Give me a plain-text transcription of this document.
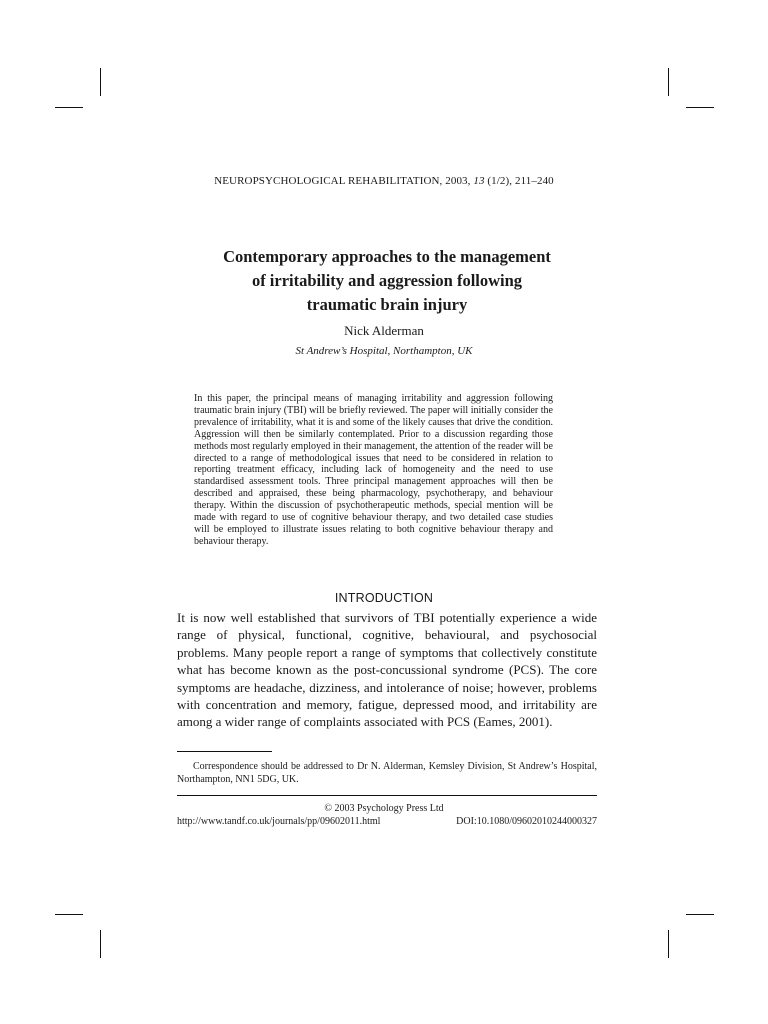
NEUROPSYCHOLOGICAL REHABILITATION, 2003, 13 (1/2), 211–240
Contemporary approaches to the management
of irritability and aggression following
traumatic brain injury
Nick Alderman
St Andrew’s Hospital, Northampton, UK

In this paper, the principal means of managing irritability and aggression following traumatic brain injury (TBI) will be briefly reviewed. The paper will initially consider the prevalence of irritability, what it is and some of the likely causes that drive the condition. Aggression will then be similarly contemplated. Prior to a discussion regarding those methods most regularly employed in their management, the attention of the reader will be directed to a range of methodological issues that need to be considered in relation to reporting treatment efficacy, including lack of homogeneity and the need to use standardised assessment tools. Three principal management approaches will then be described and appraised, these being pharmacology, psychotherapy, and behaviour therapy. Within the discussion of psychotherapeutic methods, special mention will be made with regard to use of cognitive behaviour therapy, and two detailed case studies will be employed to illustrate issues relating to both cognitive behaviour therapy and behaviour therapy.

INTRODUCTION

It is now well established that survivors of TBI potentially experience a wide range of physical, functional, cognitive, behavioural, and psychosocial problems. Many people report a range of symptoms that collectively constitute what has become known as the post-concussional syndrome (PCS). The core symptoms are headache, dizziness, and intolerance of noise; however, problems with concentration and memory, fatigue, depressed mood, and irritability are among a wider range of complaints associated with PCS (Eames, 2001).

Correspondence should be addressed to Dr N. Alderman, Kemsley Division, St Andrew’s Hospital, Northampton, NN1 5DG, UK.

© 2003 Psychology Press Ltd
http://www.tandf.co.uk/journals/pp/09602011.html	DOI:10.1080/09602010244000327
